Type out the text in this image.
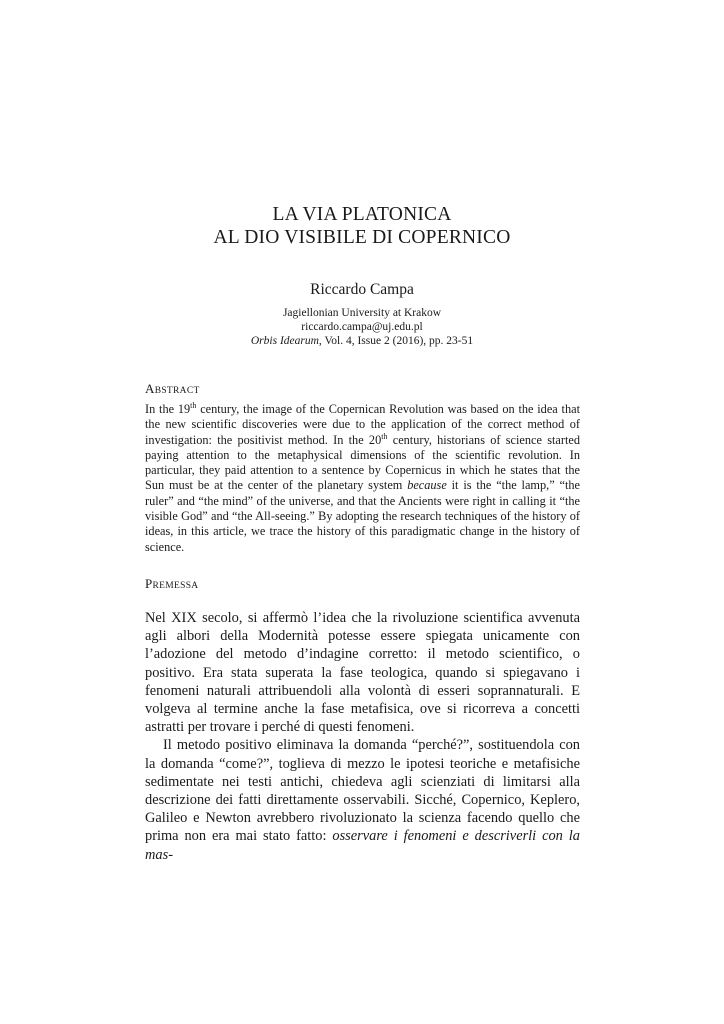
LA VIA PLATONICA
AL DIO VISIBILE DI COPERNICO
Riccardo Campa
Jagiellonian University at Krakow
riccardo.campa@uj.edu.pl
Orbis Idearum, Vol. 4, Issue 2 (2016), pp. 23-51
ABSTRACT
In the 19th century, the image of the Copernican Revolution was based on the idea that the new scientific discoveries were due to the application of the correct method of investigation: the positivist method. In the 20th century, historians of science started paying attention to the metaphysical dimensions of the scientific revolution. In particular, they paid attention to a sentence by Copernicus in which he states that the Sun must be at the center of the planetary system because it is the “the lamp,” “the ruler” and “the mind” of the universe, and that the Ancients were right in calling it “the visible God” and “the All-seeing.” By adopting the research techniques of the history of ideas, in this article, we trace the history of this paradigmatic change in the history of science.
PREMESSA

Nel XIX secolo, si affermò l’idea che la rivoluzione scientifica avvenuta agli albori della Modernità potesse essere spiegata unicamente con l’adozione del metodo d’indagine corretto: il metodo scientifico, o positivo. Era stata superata la fase teologica, quando si spiegavano i fenomeni naturali attribuendoli alla volontà di esseri soprannaturali. E volgeva al termine anche la fase metafisica, ove si ricorreva a concetti astratti per trovare i perché di questi fenomeni.

Il metodo positivo eliminava la domanda “perché?”, sostituendola con la domanda “come?”, toglieva di mezzo le ipotesi teoriche e metafisiche sedimentate nei testi antichi, chiedeva agli scienziati di limitarsi alla descrizione dei fatti direttamente osservabili. Sicché, Copernico, Keplero, Galileo e Newton avrebbero rivoluzionato la scienza facendo quello che prima non era mai stato fatto: osservare i fenomeni e descriverli con la mas-
